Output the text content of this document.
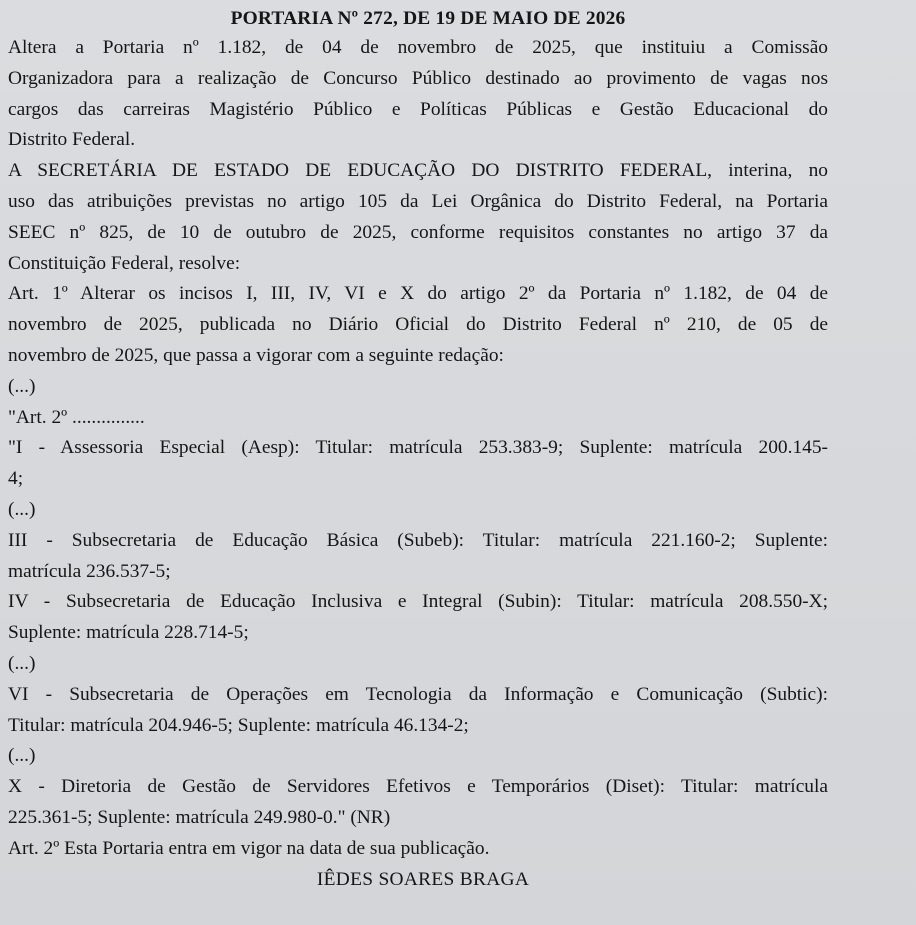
PORTARIA Nº 272, DE 19 DE MAIO DE 2026

Altera a Portaria nº 1.182, de 04 de novembro de 2025, que instituiu a Comissão
Organizadora para a realização de Concurso Público destinado ao provimento de vagas nos
cargos das carreiras Magistério Público e Políticas Públicas e Gestão Educacional do
Distrito Federal.

A SECRETÁRIA DE ESTADO DE EDUCAÇÃO DO DISTRITO FEDERAL, interina, no
uso das atribuições previstas no artigo 105 da Lei Orgânica do Distrito Federal, na Portaria
SEEC nº 825, de 10 de outubro de 2025, conforme requisitos constantes no artigo 37 da
Constituição Federal, resolve:

Art. 1º Alterar os incisos I, III, IV, VI e X do artigo 2º da Portaria nº 1.182, de 04 de
novembro de 2025, publicada no Diário Oficial do Distrito Federal nº 210, de 05 de
novembro de 2025, que passa a vigorar com a seguinte redação:

(...)

"Art. 2º ...............

"I - Assessoria Especial (Aesp): Titular: matrícula 253.383-9; Suplente: matrícula 200.145-
4;

(...)

III - Subsecretaria de Educação Básica (Subeb): Titular: matrícula 221.160-2; Suplente:
matrícula 236.537-5;

IV - Subsecretaria de Educação Inclusiva e Integral (Subin): Titular: matrícula 208.550-X;
Suplente: matrícula 228.714-5;

(...)

VI - Subsecretaria de Operações em Tecnologia da Informação e Comunicação (Subtic):
Titular: matrícula 204.946-5; Suplente: matrícula 46.134-2;

(...)

X - Diretoria de Gestão de Servidores Efetivos e Temporários (Diset): Titular: matrícula
225.361-5; Suplente: matrícula 249.980-0." (NR)

Art. 2º Esta Portaria entra em vigor na data de sua publicação.

IÊDES SOARES BRAGA
